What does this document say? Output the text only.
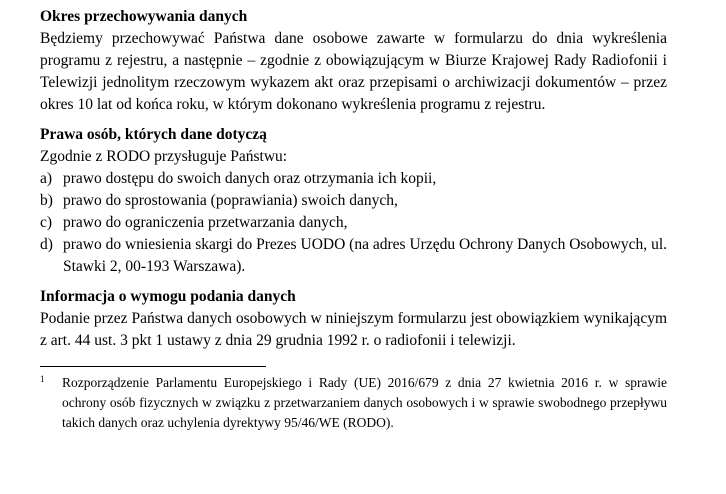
Okres przechowywania danych

Będziemy przechowywać Państwa dane osobowe zawarte w formularzu do dnia wykreślenia programu z rejestru, a następnie – zgodnie z obowiązującym w Biurze Krajowej Rady Radiofonii i Telewizji jednolitym rzeczowym wykazem akt oraz przepisami o archiwizacji dokumentów – przez okres 10 lat od końca roku, w którym dokonano wykreślenia programu z rejestru.

Prawa osób, których dane dotyczą

Zgodnie z RODO przysługuje Państwu:

a) prawo dostępu do swoich danych oraz otrzymania ich kopii,
b) prawo do sprostowania (poprawiania) swoich danych,
c) prawo do ograniczenia przetwarzania danych,
d) prawo do wniesienia skargi do Prezes UODO (na adres Urzędu Ochrony Danych Osobowych, ul. Stawki 2, 00-193 Warszawa).

Informacja o wymogu podania danych

Podanie przez Państwa danych osobowych w niniejszym formularzu jest obowiązkiem wynikającym z art. 44 ust. 3 pkt 1 ustawy z dnia 29 grudnia 1992 r. o radiofonii i telewizji.

1 Rozporządzenie Parlamentu Europejskiego i Rady (UE) 2016/679 z dnia 27 kwietnia 2016 r. w sprawie ochrony osób fizycznych w związku z przetwarzaniem danych osobowych i w sprawie swobodnego przepływu takich danych oraz uchylenia dyrektywy 95/46/WE (RODO).
